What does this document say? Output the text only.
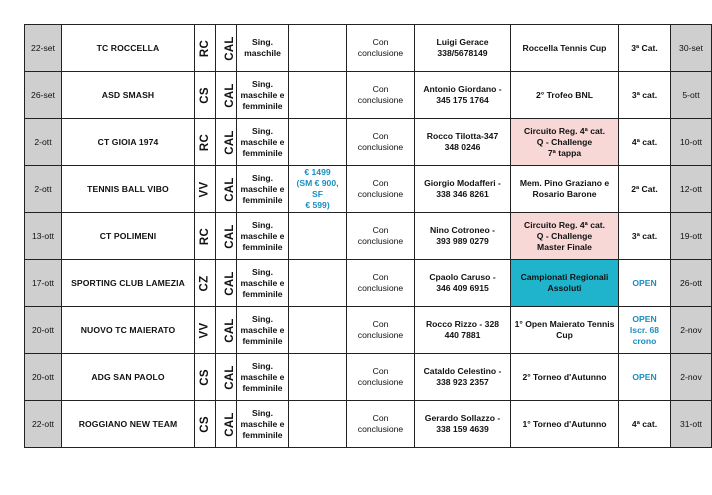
22-set	TC ROCCELLA	RC	CAL	Sing.
maschile		Con
conclusione	Luigi Gerace
338/5678149	Roccella Tennis Cup	3ª Cat.	30-set
26-set	ASD SMASH	CS	CAL	Sing.
maschile e
femminile		Con
conclusione	Antonio Giordano -
345 175 1764	2° Trofeo BNL	3ª cat.	5-ott
2-ott	CT GIOIA 1974	RC	CAL	Sing.
maschile e
femminile		Con
conclusione	Rocco Tilotta-347
348 0246	Circuito Reg. 4ª cat.
Q - Challenge
7ª tappa	4ª cat.	10-ott
2-ott	TENNIS BALL VIBO	VV	CAL	Sing.
maschile e
femminile	€ 1499
(SM € 900, SF
€ 599)	Con
conclusione	Giorgio Modafferi -
338 346 8261	Mem. Pino Graziano e
Rosario Barone	2ª Cat.	12-ott
13-ott	CT POLIMENI	RC	CAL	Sing.
maschile e
femminile		Con
conclusione	Nino Cotroneo -
393 989 0279	Circuito Reg. 4ª cat.
Q - Challenge
Master Finale	3ª cat.	19-ott
17-ott	SPORTING CLUB LAMEZIA	CZ	CAL	Sing.
maschile e
femminile		Con
conclusione	Cpaolo Caruso -
346 409 6915	Campionati Regionali
Assoluti	OPEN	26-ott
20-ott	NUOVO TC MAIERATO	VV	CAL	Sing.
maschile e
femminile		Con
conclusione	Rocco Rizzo - 328
440 7881	1° Open Maierato Tennis
Cup	OPEN
Iscr. 68
crono	2-nov
20-ott	ADG SAN PAOLO	CS	CAL	Sing.
maschile e
femminile		Con
conclusione	Cataldo Celestino -
338 923 2357	2° Torneo d'Autunno	OPEN	2-nov
22-ott	ROGGIANO NEW TEAM	CS	CAL	Sing.
maschile e
femminile		Con
conclusione	Gerardo Sollazzo -
338 159 4639	1° Torneo d'Autunno	4ª cat.	31-ott
